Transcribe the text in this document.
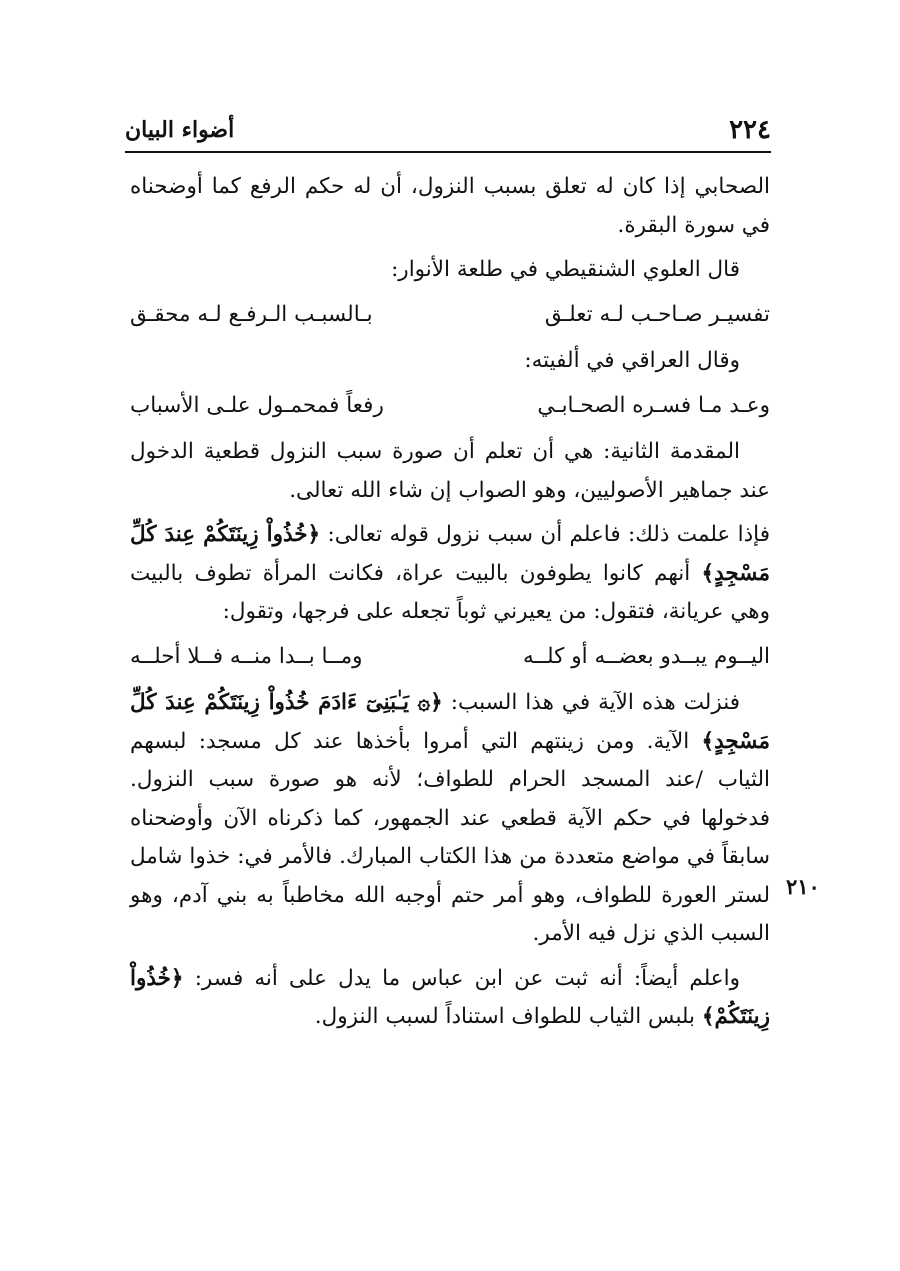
٢٢٤
أضواء البيان

الصحابي إذا كان له تعلق بسبب النزول، أن له حكم الرفع كما أوضحناه في سورة البقرة.

قال العلوي الشنقيطي في طلعة الأنوار:

تفسيـر صـاحـب لـه تعلـق
بـالسبـب الـرفـع لـه محقـق

وقال العراقي في ألفيته:

وعـد مـا فسـره الصحـابـي
رفعاً فمحمـول علـى الأسباب

المقدمة الثانية: هي أن تعلم أن صورة سبب النزول قطعية الدخول عند جماهير الأصوليين، وهو الصواب إن شاء الله تعالى.

فإذا علمت ذلك: فاعلم أن سبب نزول قوله تعالى: ﴿خُذُواْ زِينَتَكُمْ عِندَ كُلِّ مَسْجِدٍ﴾ أنهم كانوا يطوفون بالبيت عراة، فكانت المرأة تطوف بالبيت وهي عريانة، فتقول: من يعيرني ثوباً تجعله على فرجها، وتقول:

اليــوم يبــدو بعضــه أو كلــه
ومــا بــدا منــه فــلا أحلــه

فنزلت هذه الآية في هذا السبب: ﴿۞ يَـٰبَنِىٓ ءَادَمَ خُذُواْ زِينَتَكُمْ عِندَ كُلِّ مَسْجِدٍ﴾ الآية. ومن زينتهم التي أمروا بأخذها عند كل مسجد: لبسهم الثياب /عند المسجد الحرام للطواف؛ لأنه هو صورة سبب النزول. فدخولها في حكم الآية قطعي عند الجمهور، كما ذكرناه الآن وأوضحناه سابقاً في مواضع متعددة من هذا الكتاب المبارك. فالأمر في: خذوا شامل لستر العورة للطواف، وهو أمر حتم أوجبه الله مخاطباً به بني آدم، وهو السبب الذي نزل فيه الأمر.

واعلم أيضاً: أنه ثبت عن ابن عباس ما يدل على أنه فسر: ﴿خُذُواْ زِينَتَكُمْ﴾ بلبس الثياب للطواف استناداً لسبب النزول.

٢١٠
